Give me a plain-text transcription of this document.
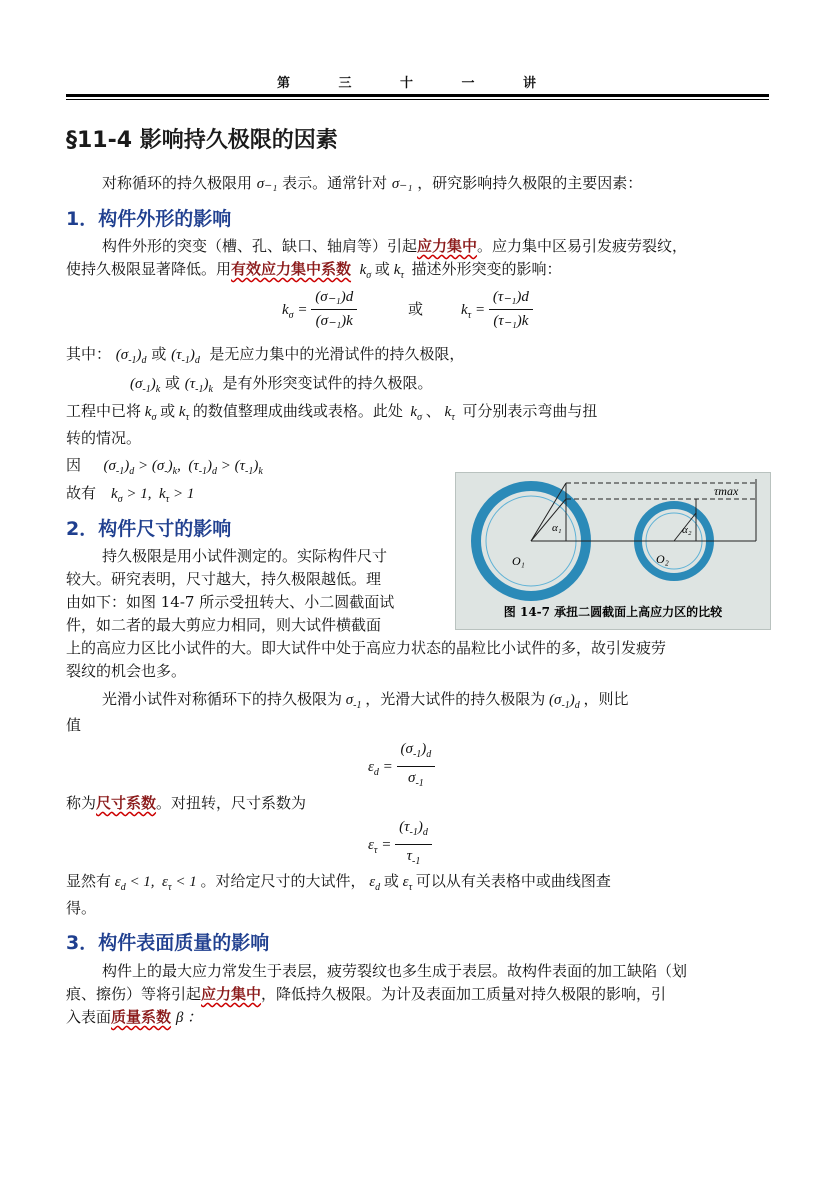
第 三 十 一 讲
§11-4 影响持久极限的因素
对称循环的持久极限用 σ₋₁ 表示。通常针对 σ₋₁ ，研究影响持久极限的主要因素：
1．构件外形的影响
构件外形的突变（槽、孔、缺口、轴肩等）引起应力集中。应力集中区易引发疲劳裂纹，
使持久极限显著降低。用有效应力集中系数  $k_\sigma$ 或 $k_\tau$ 描述外形突变的影响：
$k_\sigma = \frac{\text{(σ₋₁)d}}{\text{(σ₋₁)k}}$	或	$k_\tau = \frac{\text{(τ₋₁)d}}{\text{(τ₋₁)k}}$
其中： $(\sigma_{-1})_d$ 或 $(\tau_{-1})_d$ 是无应力集中的光滑试件的持久极限，
$(\sigma_{-1})_k$ 或 $(\tau_{-1})_k$ 是有外形突变试件的持久极限。
工程中已将 $k_\sigma$ 或 $k_\tau$ 的数值整理成曲线或表格。此处  $k_\sigma$ 、 $k_\tau$ 可分别表示弯曲与扭
转的情况。
因      $(\sigma_{-1})_d > (\sigma_-)_k$,  $(\tau_{-1})_d > (\tau_{-1})_k$
故有    $k_\sigma > 1$,  $k_\tau > 1$
2．构件尺寸的影响
持久极限是用小试件测定的。实际构件尺寸
较大。研究表明，尺寸越大，持久极限越低。理
由如下：如图 14-7 所示受扭转大、小二圆截面试
件，如二者的最大剪应力相同，则大试件横截面
上的高应力区比小试件的大。即大试件中处于高应力状态的晶粒比小试件的多，故引发疲劳
裂纹的机会也多。
τmax
O₁	O₂
α₁	α₂
图 14-7 承扭二圆截面上高应力区的比较
光滑小试件对称循环下的持久极限为 $\sigma_{-1}$ ，光滑大试件的持久极限为 $(\sigma_{-1})_d$ ，则比
值
$\varepsilon_d = \frac{(\sigma_{-1})_d}{\sigma_{-1}}$
称为尺寸系数。对扭转，尺寸系数为
$\varepsilon_\tau = \frac{(\tau_{-1})_d}{\tau_{-1}}$
显然有 $\varepsilon_d < 1$,  $\varepsilon_\tau < 1$ 。对给定尺寸的大试件， $\varepsilon_d$ 或 $\varepsilon_\tau$ 可以从有关表格中或曲线图查
得。
3．构件表面质量的影响
构件上的最大应力常发生于表层，疲劳裂纹也多生成于表层。故构件表面的加工缺陷（划
痕、擦伤）等将引起应力集中，降低持久极限。为计及表面加工质量对持久极限的影响，引
入表面质量系数 β ：
